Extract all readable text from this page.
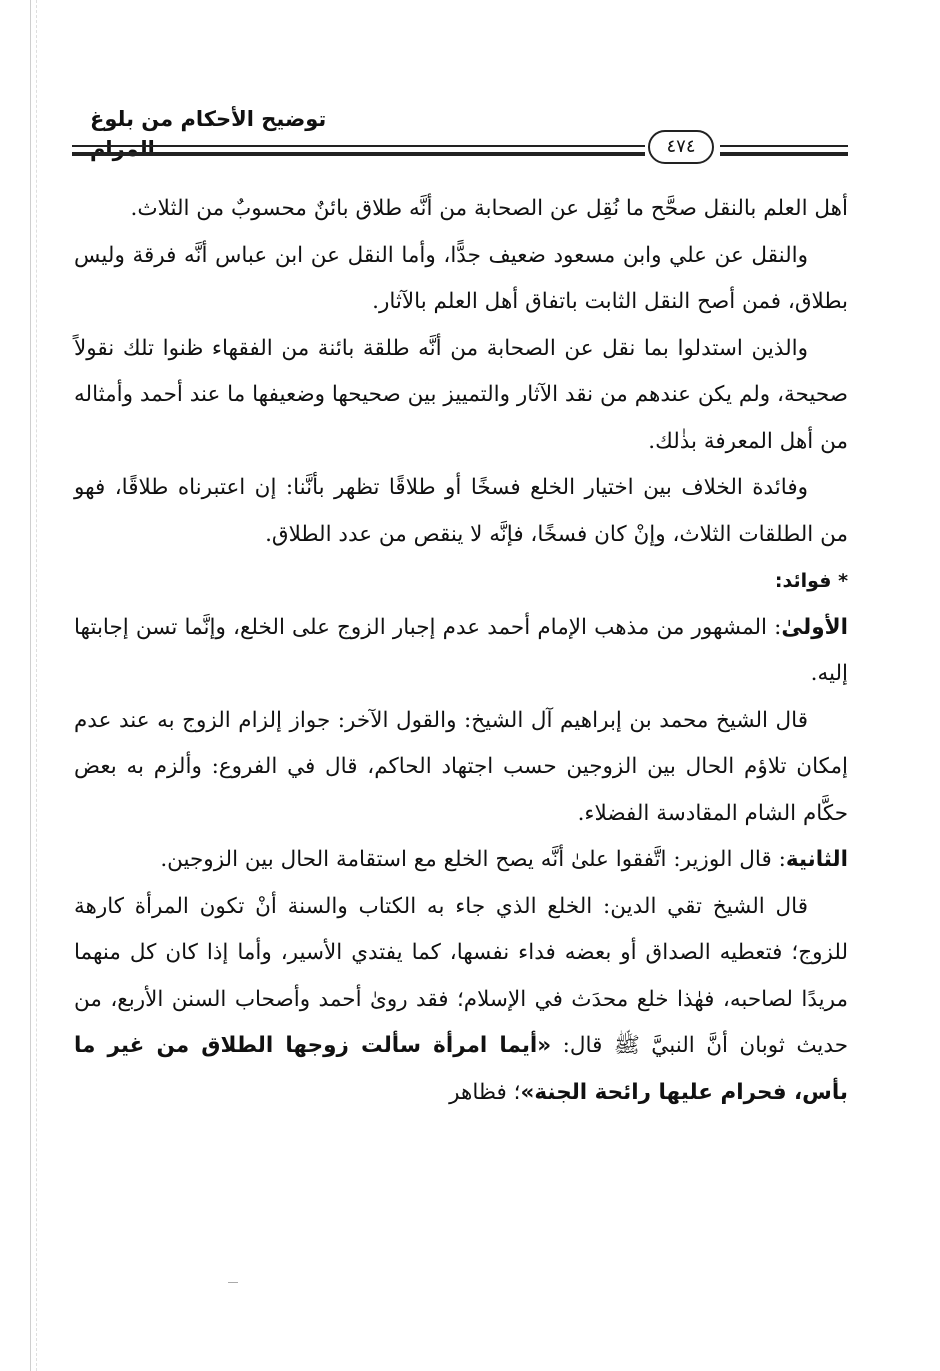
توضيح الأحكام من بلوغ المرام	٤٧٤

أهل العلم بالنقل صحَّح ما نُقِل عن الصحابة من أنَّه طلاق بائنٌ محسوبٌ من الثلاث.

والنقل عن علي وابن مسعود ضعيف جدًّا، وأما النقل عن ابن عباس أنَّه فرقة وليس بطلاق، فمن أصح النقل الثابت باتفاق أهل العلم بالآثار.

والذين استدلوا بما نقل عن الصحابة من أنَّه طلقة بائنة من الفقهاء ظنوا تلك نقولاً صحيحة، ولم يكن عندهم من نقد الآثار والتمييز بين صحيحها وضعيفها ما عند أحمد وأمثاله من أهل المعرفة بذٰلك.

وفائدة الخلاف بين اختيار الخلع فسخًا أو طلاقًا تظهر بأنَّنا: إن اعتبرناه طلاقًا، فهو من الطلقات الثلاث، وإنْ كان فسخًا، فإنَّه لا ينقص من عدد الطلاق.

* فوائد:

الأولىٰ: المشهور من مذهب الإمام أحمد عدم إجبار الزوج على الخلع، وإنَّما تسن إجابتها إليه.

قال الشيخ محمد بن إبراهيم آل الشيخ: والقول الآخر: جواز إلزام الزوج به عند عدم إمكان تلاؤم الحال بين الزوجين حسب اجتهاد الحاكم، قال في الفروع: وألزم به بعض حكَّام الشام المقادسة الفضلاء.

الثانية: قال الوزير: اتَّفقوا علىٰ أنَّه يصح الخلع مع استقامة الحال بين الزوجين.

قال الشيخ تقي الدين: الخلع الذي جاء به الكتاب والسنة أنْ تكون المرأة كارهة للزوج؛ فتعطيه الصداق أو بعضه فداء نفسها، كما يفتدي الأسير، وأما إذا كان كل منهما مريدًا لصاحبه، فهٰذا خلع محدَث في الإسلام؛ فقد روىٰ أحمد وأصحاب السنن الأربع، من حديث ثوبان أنَّ النبيَّ ﷺ قال: «أيما امرأة سألت زوجها الطلاق من غير ما بأس، فحرام عليها رائحة الجنة»؛ فظاهر
